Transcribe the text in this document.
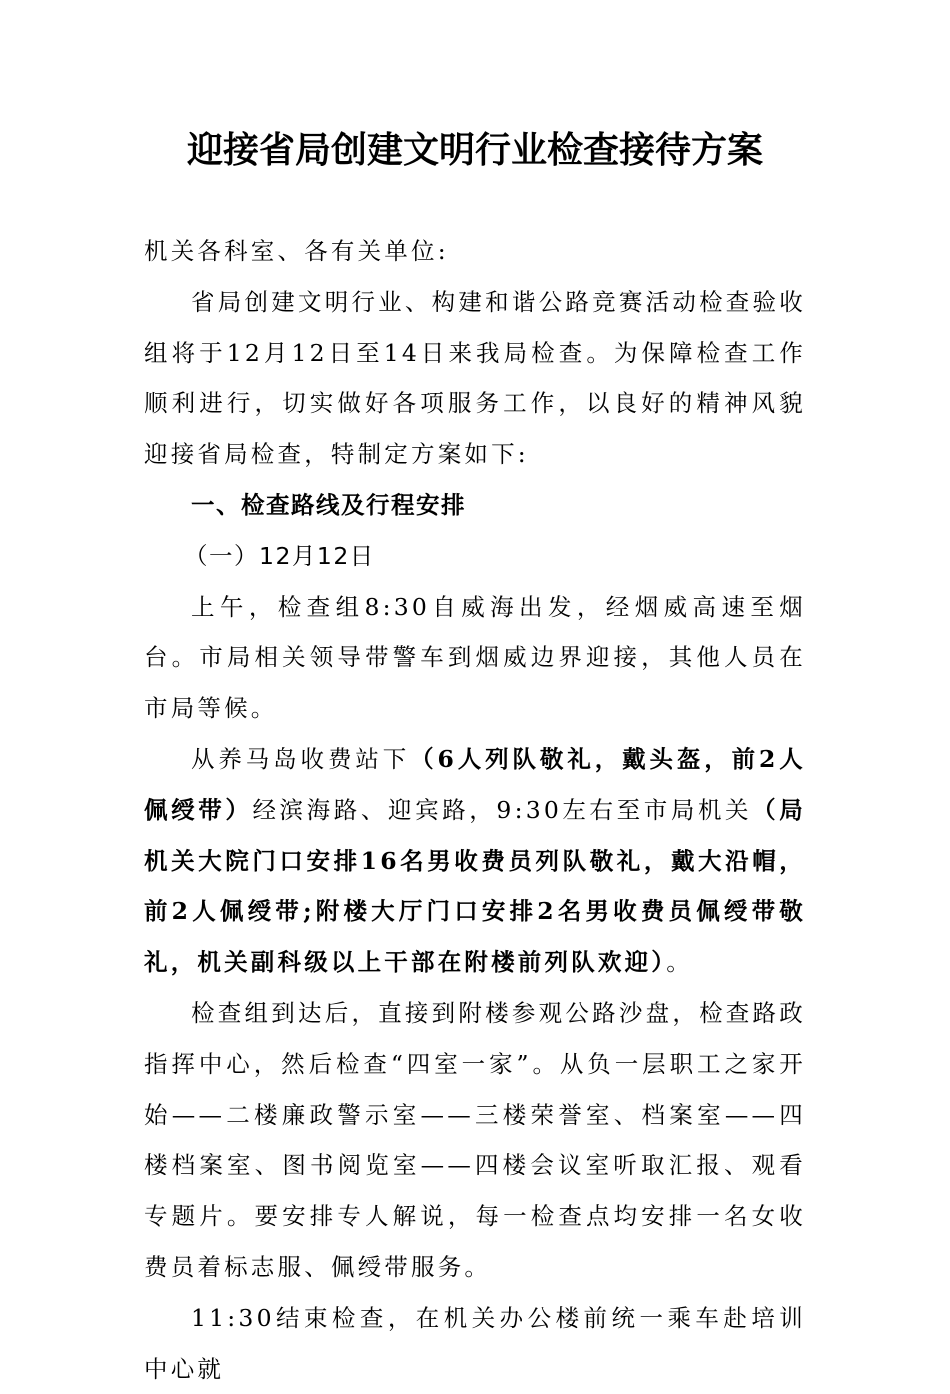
迎接省局创建文明行业检查接待方案

机关各科室、各有关单位:

省局创建文明行业、构建和谐公路竞赛活动检查验收组将于12月12日至14日来我局检查。为保障检查工作顺利进行，切实做好各项服务工作，以良好的精神风貌迎接省局检查，特制定方案如下:

一、检查路线及行程安排

（一）12月12日

上午，检查组8:30自威海出发，经烟威高速至烟台。市局相关领导带警车到烟威边界迎接，其他人员在市局等候。

从养马岛收费站下（6人列队敬礼，戴头盔，前2人佩绶带）经滨海路、迎宾路，9:30左右至市局机关（局机关大院门口安排16名男收费员列队敬礼，戴大沿帽，前2人佩绶带;附楼大厅门口安排2名男收费员佩绶带敬礼，机关副科级以上干部在附楼前列队欢迎）。

检查组到达后，直接到附楼参观公路沙盘，检查路政指挥中心，然后检查“四室一家”。从负一层职工之家开始——二楼廉政警示室——三楼荣誉室、档案室——四楼档案室、图书阅览室——四楼会议室听取汇报、观看专题片。要安排专人解说，每一检查点均安排一名女收费员着标志服、佩绶带服务。

11:30结束检查，在机关办公楼前统一乘车赴培训中心就
